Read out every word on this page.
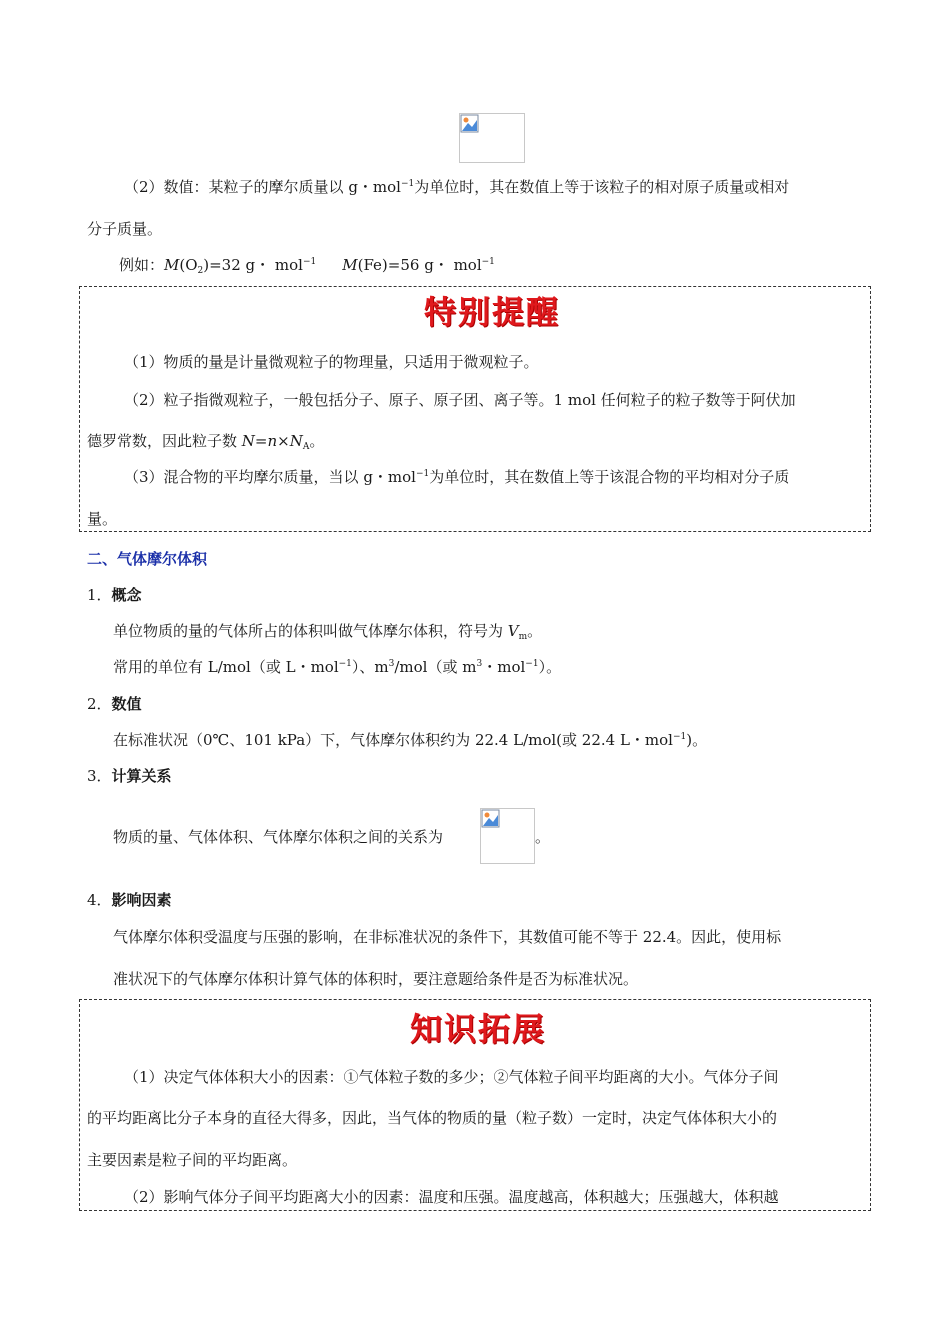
（2）数值：某粒子的摩尔质量以 g・mol$^{-1}$为单位时，其在数值上等于该粒子的相对原子质量或相对
分子质量。
例如：$M(O_2)=32$ g・ mol$^{-1}$ M(Fe)=56 g・ mol$^{-1}$
特别提醒
（1）物质的量是计量微观粒子的物理量，只适用于微观粒子。
（2）粒子指微观粒子，一般包括分子、原子、原子团、离子等。1 mol 任何粒子的粒子数等于阿伏加
德罗常数，因此粒子数 $N=n\times N_A$。
（3）混合物的平均摩尔质量，当以 g・mol$^{-1}$为单位时，其在数值上等于该混合物的平均相对分子质
量。
二、气体摩尔体积
1．概念
单位物质的量的气体所占的体积叫做气体摩尔体积，符号为 $V_m$。
常用的单位有 L/mol（或 L・mol$^{-1}$）、$m^3/mol$（或 $m^3$・mol$^{-1}$）。
2．数值
在标准状况（0℃、101 kPa）下，气体摩尔体积约为 22.4 L/mol(或 22.4 L・mol$^{-1}$)。
3．计算关系
物质的量、气体体积、气体摩尔体积之间的关系为	。
4．影响因素
气体摩尔体积受温度与压强的影响，在非标准状况的条件下，其数值可能不等于 22.4。因此，使用标
准状况下的气体摩尔体积计算气体的体积时，要注意题给条件是否为标准状况。
知识拓展
（1）决定气体体积大小的因素：①气体粒子数的多少；②气体粒子间平均距离的大小。气体分子间
的平均距离比分子本身的直径大得多，因此，当气体的物质的量（粒子数）一定时，决定气体体积大小的
主要因素是粒子间的平均距离。
（2）影响气体分子间平均距离大小的因素：温度和压强。温度越高，体积越大；压强越大，体积越
